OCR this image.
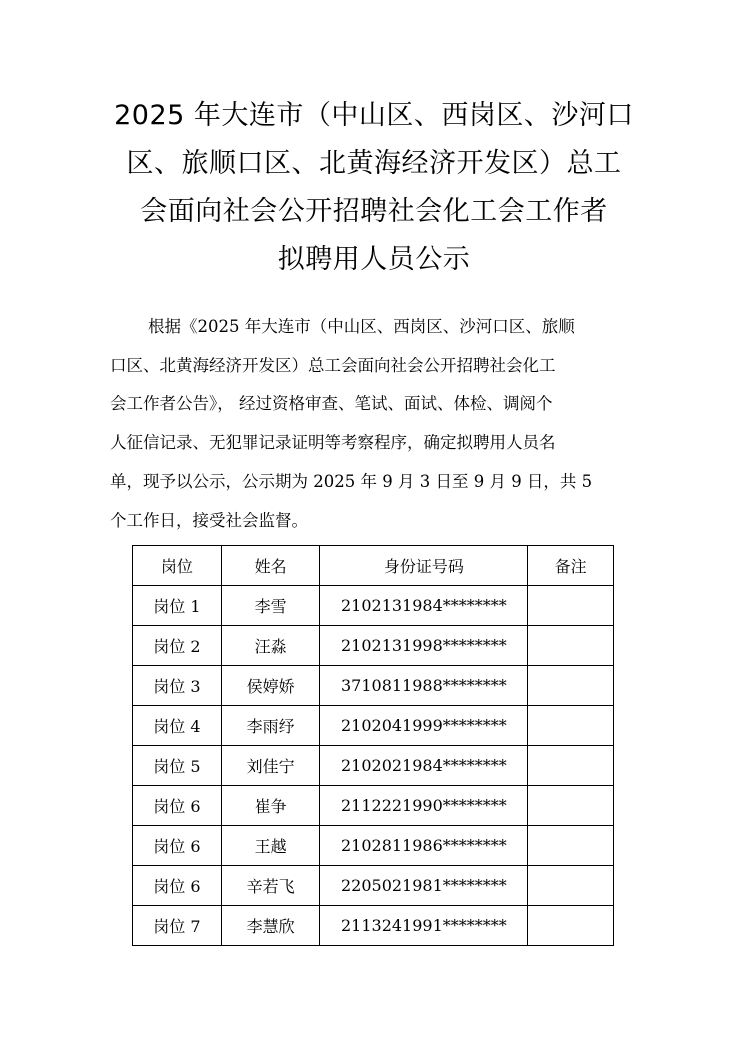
2025 年大连市（中山区、西岗区、沙河口
区、旅顺口区、北黄海经济开发区）总工
会面向社会公开招聘社会化工会工作者
拟聘用人员公示
根据《2025 年大连市（中山区、西岗区、沙河口区、旅顺
口区、北黄海经济开发区）总工会面向社会公开招聘社会化工
会工作者公告》， 经过资格审查、笔试、面试、体检、调阅个
人征信记录、无犯罪记录证明等考察程序，确定拟聘用人员名
单，现予以公示，公示期为 2025 年 9 月 3 日至 9 月 9 日，共 5
个工作日，接受社会监督。
岗位	姓名	身份证号码	备注
岗位 1	李雪	2102131984********	
岗位 2	汪淼	2102131998********	
岗位 3	侯婷娇	3710811988********	
岗位 4	李雨纾	2102041999********	
岗位 5	刘佳宁	2102021984********	
岗位 6	崔争	2112221990********	
岗位 6	王越	2102811986********	
岗位 6	辛若飞	2205021981********	
岗位 7	李慧欣	2113241991********	
